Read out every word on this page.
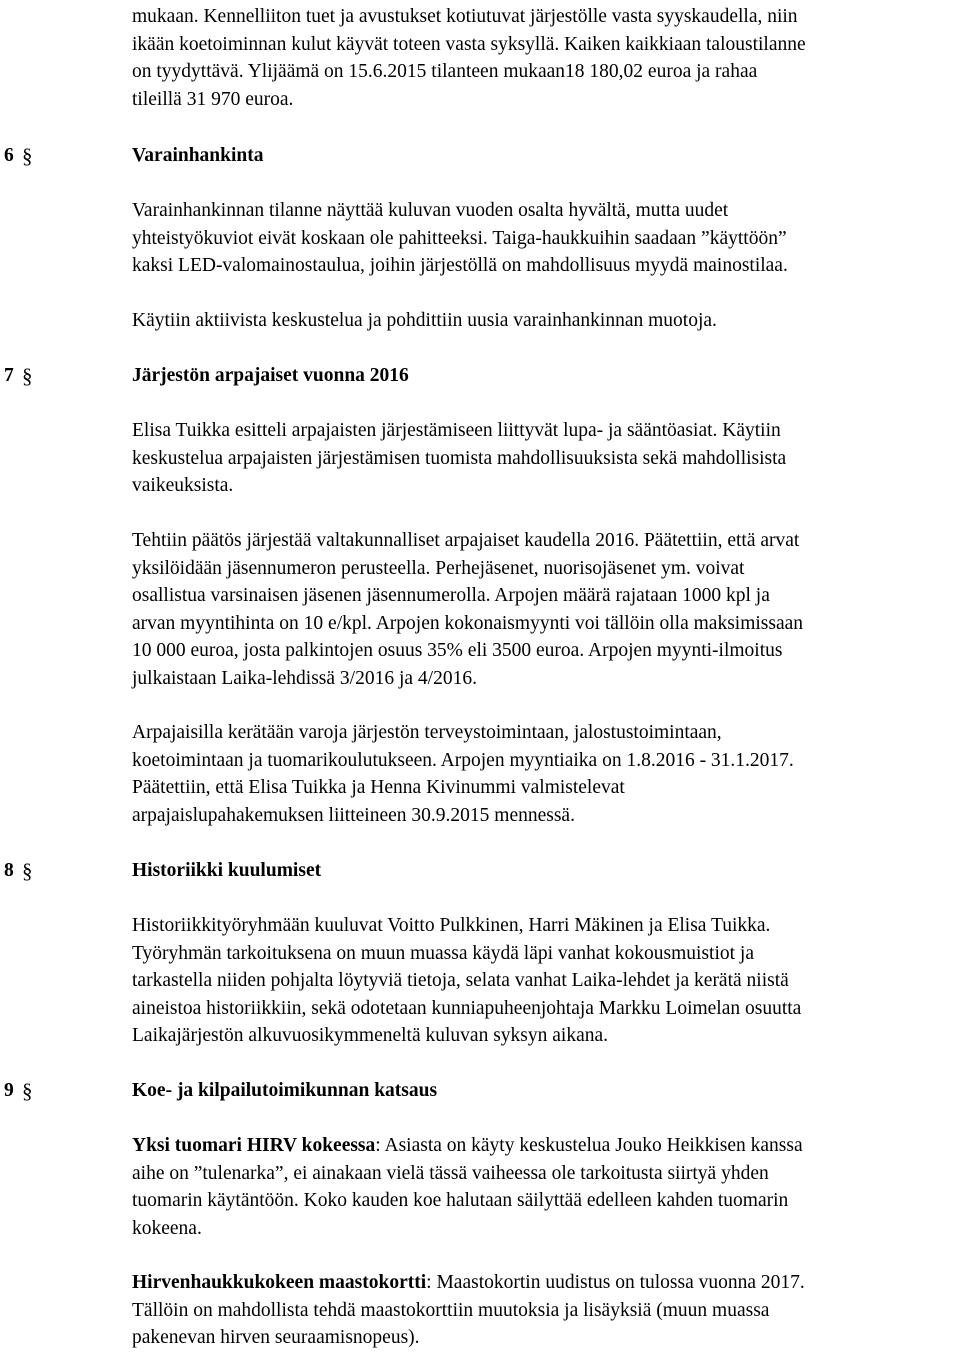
mukaan. Kennelliiton tuet ja avustukset kotiutuvat järjestölle vasta syyskaudella, niin
ikään koetoiminnan kulut käyvät toteen vasta syksyllä. Kaiken kaikkiaan taloustilanne
on tyydyttävä. Ylijäämä on 15.6.2015 tilanteen mukaan18 180,02 euroa ja rahaa
tileillä 31 970 euroa.
6 §	Varainhankinta
Varainhankinnan tilanne näyttää kuluvan vuoden osalta hyvältä, mutta uudet
yhteistyökuviot eivät koskaan ole pahitteeksi. Taiga-haukkuihin saadaan ”käyttöön”
kaksi LED-valomainostaulua, joihin järjestöllä on mahdollisuus myydä mainostilaa.
Käytiin aktiivista keskustelua ja pohdittiin uusia varainhankinnan muotoja.
7 §	Järjestön arpajaiset vuonna 2016
Elisa Tuikka esitteli arpajaisten järjestämiseen liittyvät lupa- ja sääntöasiat. Käytiin
keskustelua arpajaisten järjestämisen tuomista mahdollisuuksista sekä mahdollisista
vaikeuksista.
Tehtiin päätös järjestää valtakunnalliset arpajaiset kaudella 2016. Päätettiin, että arvat
yksilöidään jäsennumeron perusteella. Perhejäsenet, nuorisojäsenet ym. voivat
osallistua varsinaisen jäsenen jäsennumerolla. Arpojen määrä rajataan 1000 kpl ja
arvan myyntihinta on 10 e/kpl. Arpojen kokonaismyynti voi tällöin olla maksimissaan
10 000 euroa, josta palkintojen osuus 35% eli 3500 euroa. Arpojen myynti-ilmoitus
julkaistaan Laika-lehdissä 3/2016 ja 4/2016.
Arpajaisilla kerätään varoja järjestön terveystoimintaan, jalostustoimintaan,
koetoimintaan ja tuomarikoulutukseen. Arpojen myyntiaika on 1.8.2016 - 31.1.2017.
Päätettiin, että Elisa Tuikka ja Henna Kivinummi valmistelevat
arpajaislupahakemuksen liitteineen 30.9.2015 mennessä.
8 §	Historiikki kuulumiset
Historiikkityöryhmään kuuluvat Voitto Pulkkinen, Harri Mäkinen ja Elisa Tuikka.
Työryhmän tarkoituksena on muun muassa käydä läpi vanhat kokousmuistiot ja
tarkastella niiden pohjalta löytyviä tietoja, selata vanhat Laika-lehdet ja kerätä niistä
aineistoa historiikkiin, sekä odotetaan kunniapuheenjohtaja Markku Loimelan osuutta
Laikajärjestön alkuvuosikymmeneltä kuluvan syksyn aikana.
9 §	Koe- ja kilpailutoimikunnan katsaus
Yksi tuomari HIRV kokeessa: Asiasta on käyty keskustelua Jouko Heikkisen kanssa
aihe on ”tulenarka”, ei ainakaan vielä tässä vaiheessa ole tarkoitusta siirtyä yhden
tuomarin käytäntöön. Koko kauden koe halutaan säilyttää edelleen kahden tuomarin
kokeena.
Hirvenhaukkukokeen maastokortti: Maastokortin uudistus on tulossa vuonna 2017.
Tällöin on mahdollista tehdä maastokorttiin muutoksia ja lisäyksiä (muun muassa
pakenevan hirven seuraamisnopeus).
